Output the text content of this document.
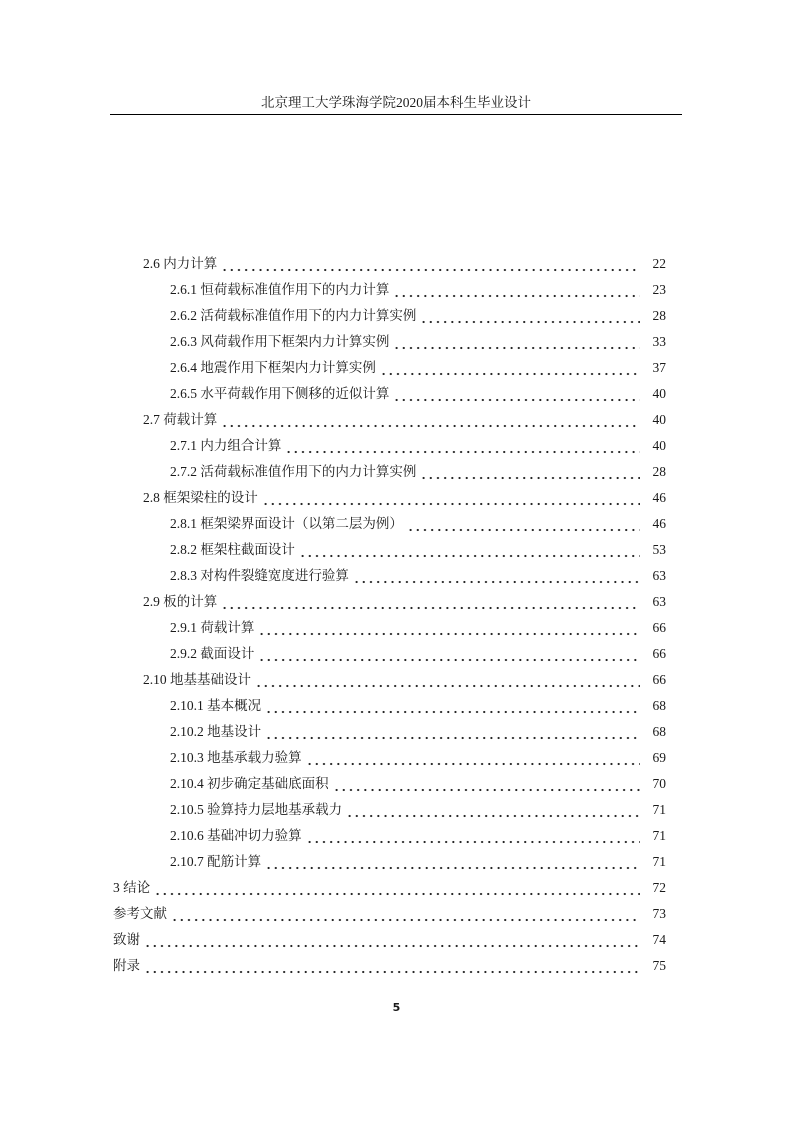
北京理工大学珠海学院2020届本科生毕业设计
2.6 内力计算	22
2.6.1 恒荷载标准值作用下的内力计算	23
2.6.2 活荷载标准值作用下的内力计算实例	28
2.6.3 风荷载作用下框架内力计算实例	33
2.6.4 地震作用下框架内力计算实例	37
2.6.5 水平荷载作用下侧移的近似计算	40
2.7 荷载计算	40
2.7.1 内力组合计算	40
2.7.2 活荷载标准值作用下的内力计算实例	28
2.8 框架梁柱的设计	46
2.8.1 框架梁界面设计（以第二层为例）	46
2.8.2 框架柱截面设计	53
2.8.3 对构件裂缝宽度进行验算	63
2.9 板的计算	63
2.9.1 荷载计算	66
2.9.2 截面设计	66
2.10 地基基础设计	66
2.10.1 基本概况	68
2.10.2 地基设计	68
2.10.3 地基承载力验算	69
2.10.4 初步确定基础底面积	70
2.10.5 验算持力层地基承载力	71
2.10.6 基础冲切力验算	71
2.10.7 配筋计算	71
3 结论	72
参考文献	73
致谢	74
附录	75
5
